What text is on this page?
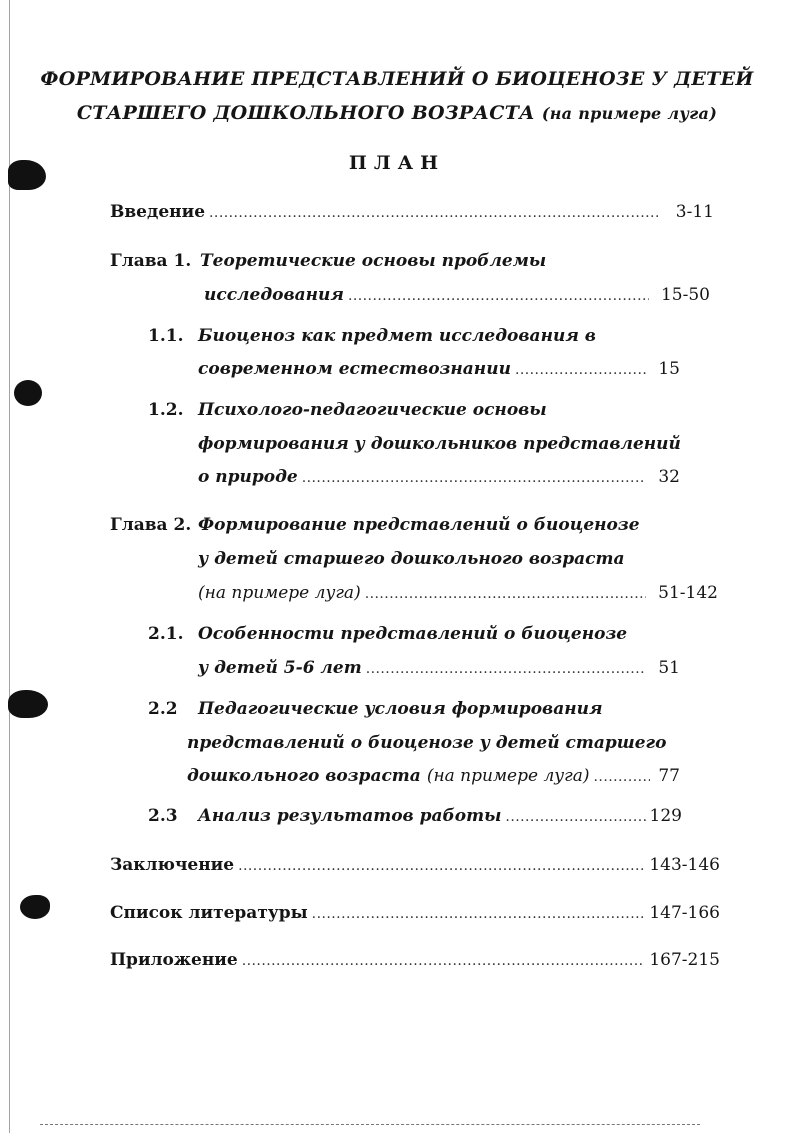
ФОРМИРОВАНИЕ ПРЕДСТАВЛЕНИЙ О БИОЦЕНОЗЕ У ДЕТЕЙ
СТАРШЕГО ДОШКОЛЬНОГО ВОЗРАСТА (на примере луга)
ПЛАН
Введение . . .	3-11
Глава 1. Теоретические основы проблемы
исследования . . .	15-50
1.1. Биоценоз как предмет исследования в
современном естествознании . . .	15
1.2. Психолого-педагогические основы
формирования у дошкольников представлений
о природе . . .	32
Глава 2. Формирование представлений о биоценозе
у детей старшего дошкольного возраста
(на примере луга) . . .	51-142
2.1. Особенности представлений о биоценозе
у детей 5-6 лет . . .	51
2.2 Педагогические условия формирования
представлений о биоценозе у детей старшего
дошкольного возраста (на примере луга) . . .	77
2.3	Анализ результатов работы . . .	129
Заключение . . .	143-146
Список литературы . . .	147-166
Приложение . . .	167-215
